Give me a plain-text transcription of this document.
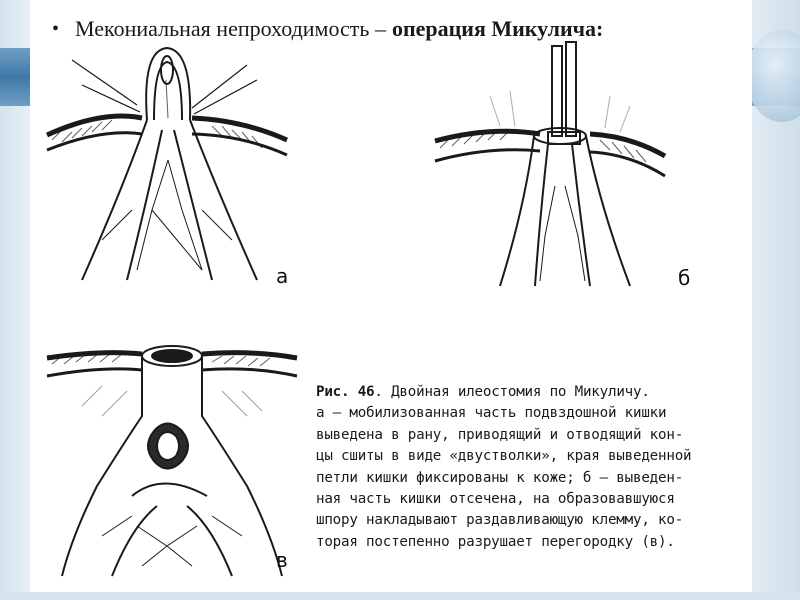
• Мекониальная непроходимость – операция Микулича:
а	б
в
Рис. 46. Двойная илеостомия по Микуличу.
а — мобилизованная часть подвздошной кишки
выведена в рану, приводящий и отводящий кон-
цы сшиты в виде «двустволки», края выведенной
петли кишки фиксированы к коже; б — выведен-
ная часть кишки отсечена, на образовавшуюся
шпору накладывают раздавливающую клемму, ко-
торая постепенно разрушает перегородку (в).
